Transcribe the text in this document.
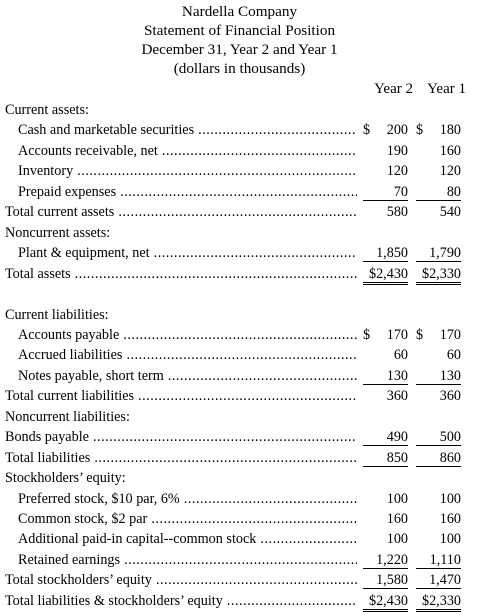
Nardella Company
Statement of Financial Position
December 31, Year 2 and Year 1
(dollars in thousands)
Year 2 Year 1
Current assets:
Cash and marketable securities .....	$ 200 $ 180
Accounts receivable, net .....	190	160
Inventory .....	120	120
Prepaid expenses .....	70	80
Total current assets .....	580	540
Noncurrent assets:
Plant & equipment, net .....	1,850	1,790
Total assets .....	$2,430 $2,330
Current liabilities:
Accounts payable .....	$ 170 $ 170
Accrued liabilities .....	60	60
Notes payable, short term .....	130	130
Total current liabilities .....	360	360
Noncurrent liabilities:
Bonds payable .....	490	500
Total liabilities .....	850	860
Stockholders’ equity:
Preferred stock, $10 par, 6% .....	100	100
Common stock, $2 par .....	160	160
Additional paid-in capital--common stock .....	100	100
Retained earnings .....	1,220	1,110
Total stockholders’ equity .....	1,580	1,470
Total liabilities & stockholders’ equity .....	$2,430 $2,330
